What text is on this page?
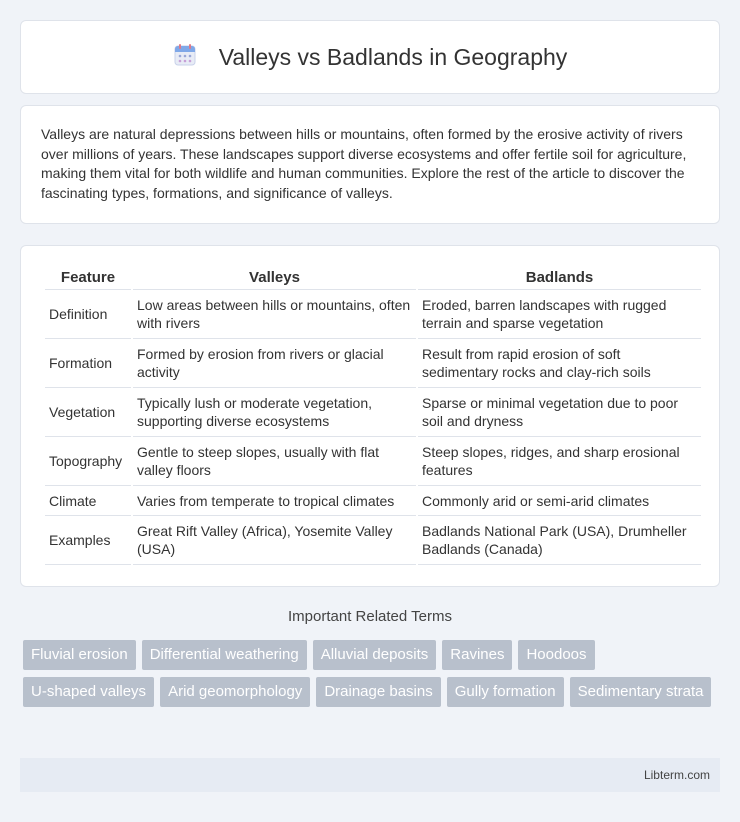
Valleys vs Badlands in Geography

Valleys are natural depressions between hills or mountains, often formed by the erosive activity of rivers over millions of years. These landscapes support diverse ecosystems and offer fertile soil for agriculture, making them vital for both wildlife and human communities. Explore the rest of the article to discover the fascinating types, formations, and significance of valleys.

Feature	Valleys	Badlands
Definition	Low areas between hills or mountains, often with rivers	Eroded, barren landscapes with rugged terrain and sparse vegetation
Formation	Formed by erosion from rivers or glacial activity	Result from rapid erosion of soft sedimentary rocks and clay-rich soils
Vegetation	Typically lush or moderate vegetation, supporting diverse ecosystems	Sparse or minimal vegetation due to poor soil and dryness
Topography	Gentle to steep slopes, usually with flat valley floors	Steep slopes, ridges, and sharp erosional features
Climate	Varies from temperate to tropical climates	Commonly arid or semi-arid climates
Examples	Great Rift Valley (Africa), Yosemite Valley (USA)	Badlands National Park (USA), Drumheller Badlands (Canada)
Important Related Terms
Fluvial erosion	Differential weathering	Alluvial deposits	Ravines	Hoodoos
U-shaped valleys	Arid geomorphology	Drainage basins	Gully formation	Sedimentary strata
Libterm.com
